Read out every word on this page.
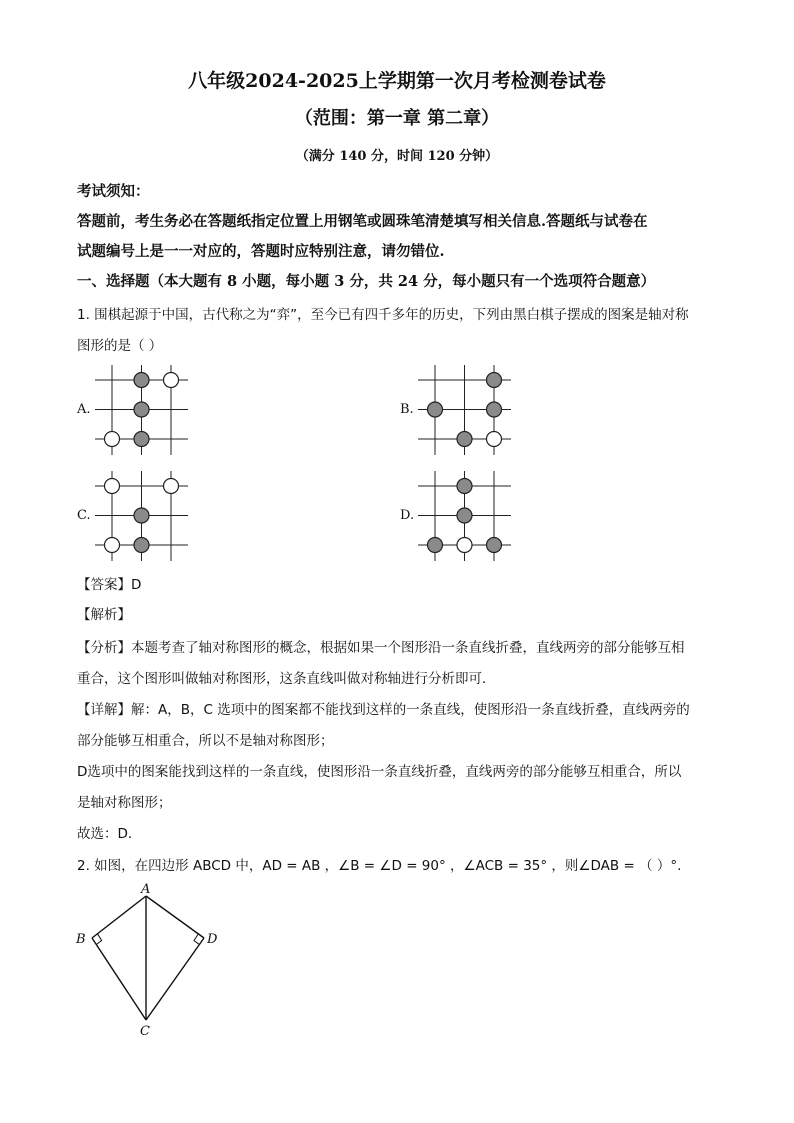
八年级2024-2025上学期第一次月考检测卷试卷
（范围：第一章 第二章）
（满分 140 分，时间 120 分钟）
考试须知：
答题前，考生务必在答题纸指定位置上用钢笔或圆珠笔清楚填写相关信息.答题纸与试卷在
试题编号上是一一对应的，答题时应特别注意，请勿错位.
一、选择题（本大题有 8 小题，每小题 3 分，共 24 分，每小题只有一个选项符合题意）
1. 围棋起源于中国，古代称之为“弈”，至今已有四千多年的历史，下列由黑白棋子摆成的图案是轴对称
图形的是（ ）
A.	B.
C.	D.
【答案】D
【解析】
【分析】本题考查了轴对称图形的概念，根据如果一个图形沿一条直线折叠，直线两旁的部分能够互相
重合，这个图形叫做轴对称图形，这条直线叫做对称轴进行分析即可．
【详解】解：A，B，C 选项中的图案都不能找到这样的一条直线，使图形沿一条直线折叠，直线两旁的
部分能够互相重合，所以不是轴对称图形；
D选项中的图案能找到这样的一条直线，使图形沿一条直线折叠，直线两旁的部分能够互相重合，所以
是轴对称图形；
故选：D．
2. 如图，在四边形 ABCD 中，AD = AB ，∠B = ∠D = 90° ，∠ACB = 35° ，则∠DAB = （ ）°.
A
B	D
C
